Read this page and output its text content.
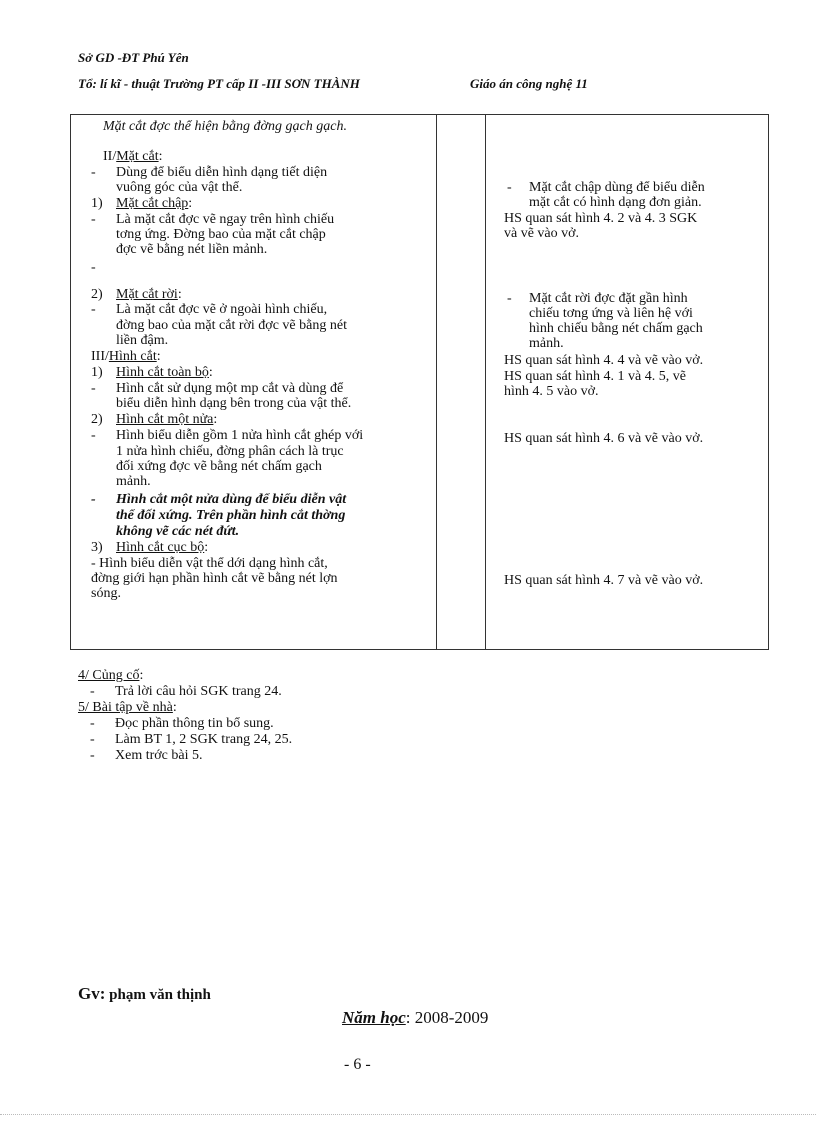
Sở GD -ĐT Phú Yên
Tổ: lí kĩ - thuật Trường PT cấp II -III SƠN THÀNH	Giáo án công nghệ 11
Mặt cắt đợc thể hiện bằng đờng gạch gạch.
II/Mặt cắt:
- Dùng để biểu diễn hình dạng tiết diện
vuông góc của vật thể.
1) Mặt cắt chập:
- Là mặt cắt đợc vẽ ngay trên hình chiếu
tơng ứng. Đờng bao của mặt cắt chập
đợc vẽ bằng nét liền mảnh.
-
2) Mặt cắt rời:
- Là mặt cắt đợc vẽ ở ngoài hình chiếu,
đờng bao của mặt cắt rời đợc vẽ bằng nét
liền đậm.
III/Hình cắt:
1) Hình cắt toàn bộ:
- Hình cắt sử dụng một mp cắt và dùng để
biểu diễn hình dạng bên trong của vật thể.
2) Hình cắt một nửa:
- Hình biểu diễn gồm 1 nửa hình cắt ghép với
1 nửa hình chiếu, đờng phân cách là trục
đối xứng đợc vẽ bằng nét chấm gạch
mảnh.
- Hình cắt một nửa dùng để biểu diễn vật
thể đối xứng. Trên phần hình cắt thờng
không vẽ các nét đứt.
3) Hình cắt cục bộ:
- Hình biểu diễn vật thể dới dạng hình cắt,
đờng giới hạn phần hình cắt vẽ bằng nét lợn
sóng.
- Mặt cắt chập dùng để biểu diễn
mặt cắt có hình dạng đơn giản.
HS quan sát hình 4. 2 và 4. 3 SGK
và vẽ vào vở.
- Mặt cắt rời đợc đặt gần hình
chiếu tơng ứng và liên hệ với
hình chiếu bằng nét chấm gạch
mảnh.
HS quan sát hình 4. 4 và vẽ vào vở.
HS quan sát hình 4. 1 và 4. 5, vẽ
hình 4. 5 vào vở.
HS quan sát hình 4. 6 và vẽ vào vở.
HS quan sát hình 4. 7 và vẽ vào vở.
4/ Củng cố:
- Trả lời câu hỏi SGK trang 24.
5/ Bài tập về nhà:
- Đọc phần thông tin bổ sung.
- Làm BT 1, 2 SGK trang 24, 25.
- Xem trớc bài 5.
Gv: phạm văn thịnh
Năm học: 2008-2009
- 6 -
